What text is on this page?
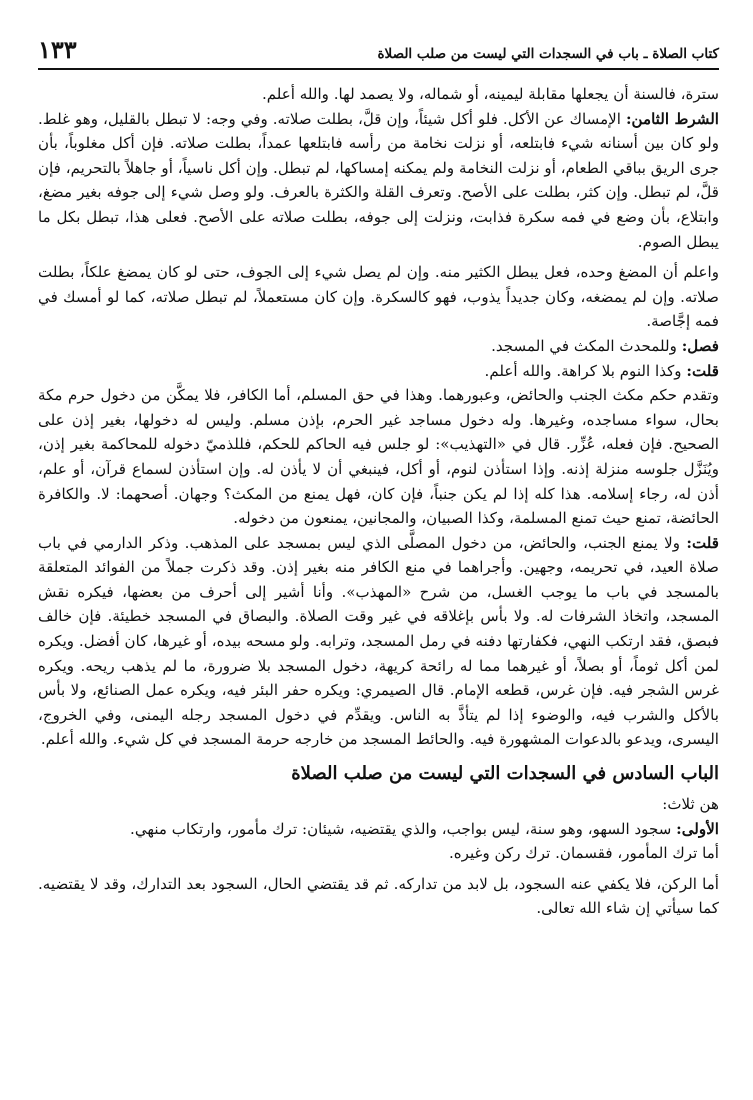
كتاب الصلاة ـ باب في السجدات التي ليست من صلب الصلاة
١٣٣

سترة، فالسنة أن يجعلها مقابلة ليمينه، أو شماله، ولا يصمد لها. والله أعلم.

الشرط الثامن: الإمساك عن الأكل. فلو أكل شيئاً، وإن قلَّ، بطلت صلاته. وفي وجه: لا تبطل بالقليل، وهو غلط. ولو كان بين أسنانه شيء فابتلعه، أو نزلت نخامة من رأسه فابتلعها عمداً، بطلت صلاته. فإن أكل مغلوباً، بأن جرى الريق بباقي الطعام، أو نزلت النخامة ولم يمكنه إمساكها، لم تبطل. وإن أكل ناسياً، أو جاهلاً بالتحريم، فإن قلَّ، لم تبطل. وإن كثر، بطلت على الأصح. وتعرف القلة والكثرة بالعرف. ولو وصل شيء إلى جوفه بغير مضغ، وابتلاع، بأن وضع في فمه سكرة فذابت، ونزلت إلى جوفه، بطلت صلاته على الأصح. فعلى هذا، تبطل بكل ما يبطل الصوم.

واعلم أن المضغ وحده، فعل يبطل الكثير منه. وإن لم يصل شيء إلى الجوف، حتى لو كان يمضغ علكاً، بطلت صلاته. وإن لم يمضغه، وكان جديداً يذوب، فهو كالسكرة. وإن كان مستعملاً، لم تبطل صلاته، كما لو أمسك في فمه إجَّاصة.

فصل: وللمحدث المكث في المسجد.

قلت: وكذا النوم بلا كراهة. والله أعلم.

وتقدم حكم مكث الجنب والحائض، وعبورهما. وهذا في حق المسلم، أما الكافر، فلا يمكَّن من دخول حرم مكة بحال، سواء مساجده، وغيرها. وله دخول مساجد غير الحرم، بإذن مسلم. وليس له دخولها، بغير إذن على الصحيح. فإن فعله، عُزِّر. قال في «التهذيب»: لو جلس فيه الحاكم للحكم، فللذميّ دخوله للمحاكمة بغير إذن، ويُنَزَّل جلوسه منزلة إذنه. وإذا استأذن لنوم، أو أكل، فينبغي أن لا يأذن له. وإن استأذن لسماع قرآن، أو علم، أذن له، رجاء إسلامه. هذا كله إذا لم يكن جنباً، فإن كان، فهل يمنع من المكث؟ وجهان. أصحهما: لا. والكافرة الحائضة، تمنع حيث تمنع المسلمة، وكذا الصبيان، والمجانين، يمنعون من دخوله.

قلت: ولا يمنع الجنب، والحائض، من دخول المصلَّى الذي ليس بمسجد على المذهب. وذكر الدارمي في باب صلاة العيد، في تحريمه، وجهين. وأجراهما في منع الكافر منه بغير إذن. وقد ذكرت جملاً من الفوائد المتعلقة بالمسجد في باب ما يوجب الغسل، من شرح «المهذب». وأنا أشير إلى أحرف من بعضها، فيكره نقش المسجد، واتخاذ الشرفات له. ولا بأس بإغلاقه في غير وقت الصلاة. والبصاق في المسجد خطيئة. فإن خالف فبصق، فقد ارتكب النهي، فكفارتها دفنه في رمل المسجد، وترابه. ولو مسحه بيده، أو غيرها، كان أفضل. ويكره لمن أكل ثوماً، أو بصلاً، أو غيرهما مما له رائحة كريهة، دخول المسجد بلا ضرورة، ما لم يذهب ريحه. ويكره غرس الشجر فيه. فإن غرس، قطعه الإمام. قال الصيمري: ويكره حفر البئر فيه، ويكره عمل الصنائع، ولا بأس بالأكل والشرب فيه، والوضوء إذا لم يتأذَّ به الناس. ويقدِّم في دخول المسجد رجله اليمنى، وفي الخروج، اليسرى، ويدعو بالدعوات المشهورة فيه. والحائط المسجد من خارجه حرمة المسجد في كل شيء. والله أعلم.

الباب السادس في السجدات التي ليست من صلب الصلاة

هن ثلاث:

الأولى: سجود السهو، وهو سنة، ليس بواجب، والذي يقتضيه، شيئان: ترك مأمور، وارتكاب منهي.

أما ترك المأمور، فقسمان. ترك ركن وغيره.

أما الركن، فلا يكفي عنه السجود، بل لابد من تداركه. ثم قد يقتضي الحال، السجود بعد التدارك، وقد لا يقتضيه. كما سيأتي إن شاء الله تعالى.
